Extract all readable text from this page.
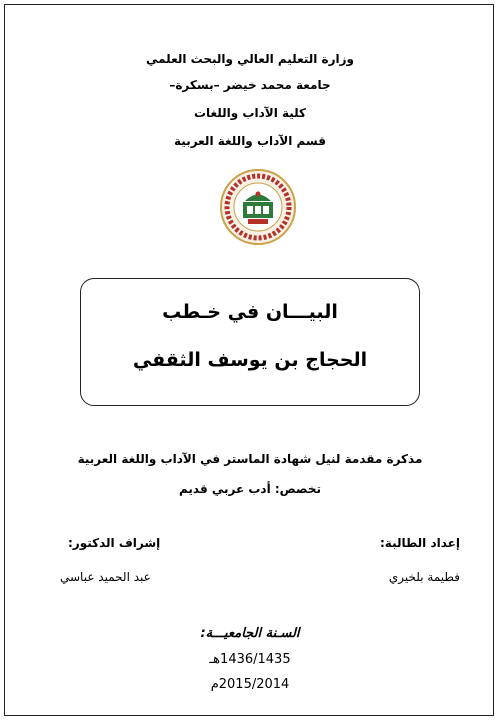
وزارة التعليم العالي والبحث العلمي
جامعة محمد خيضر –بسكرة–
كلية الآداب واللغات
قسم الآداب واللغة العربية
البيـــان في خـطب
الحجاج بن يوسف الثقفي
مذكرة مقدمة لنيل شهادة الماستر في الآداب واللغة العربية
تخصص: أدب عربي قديم
إعداد الطالبة:
إشراف الدكتور:
فطيمة بلخيري
عبد الحميد عباسي
السـنة الجامعيـــة:
1436/1435هـ
2015/2014م
